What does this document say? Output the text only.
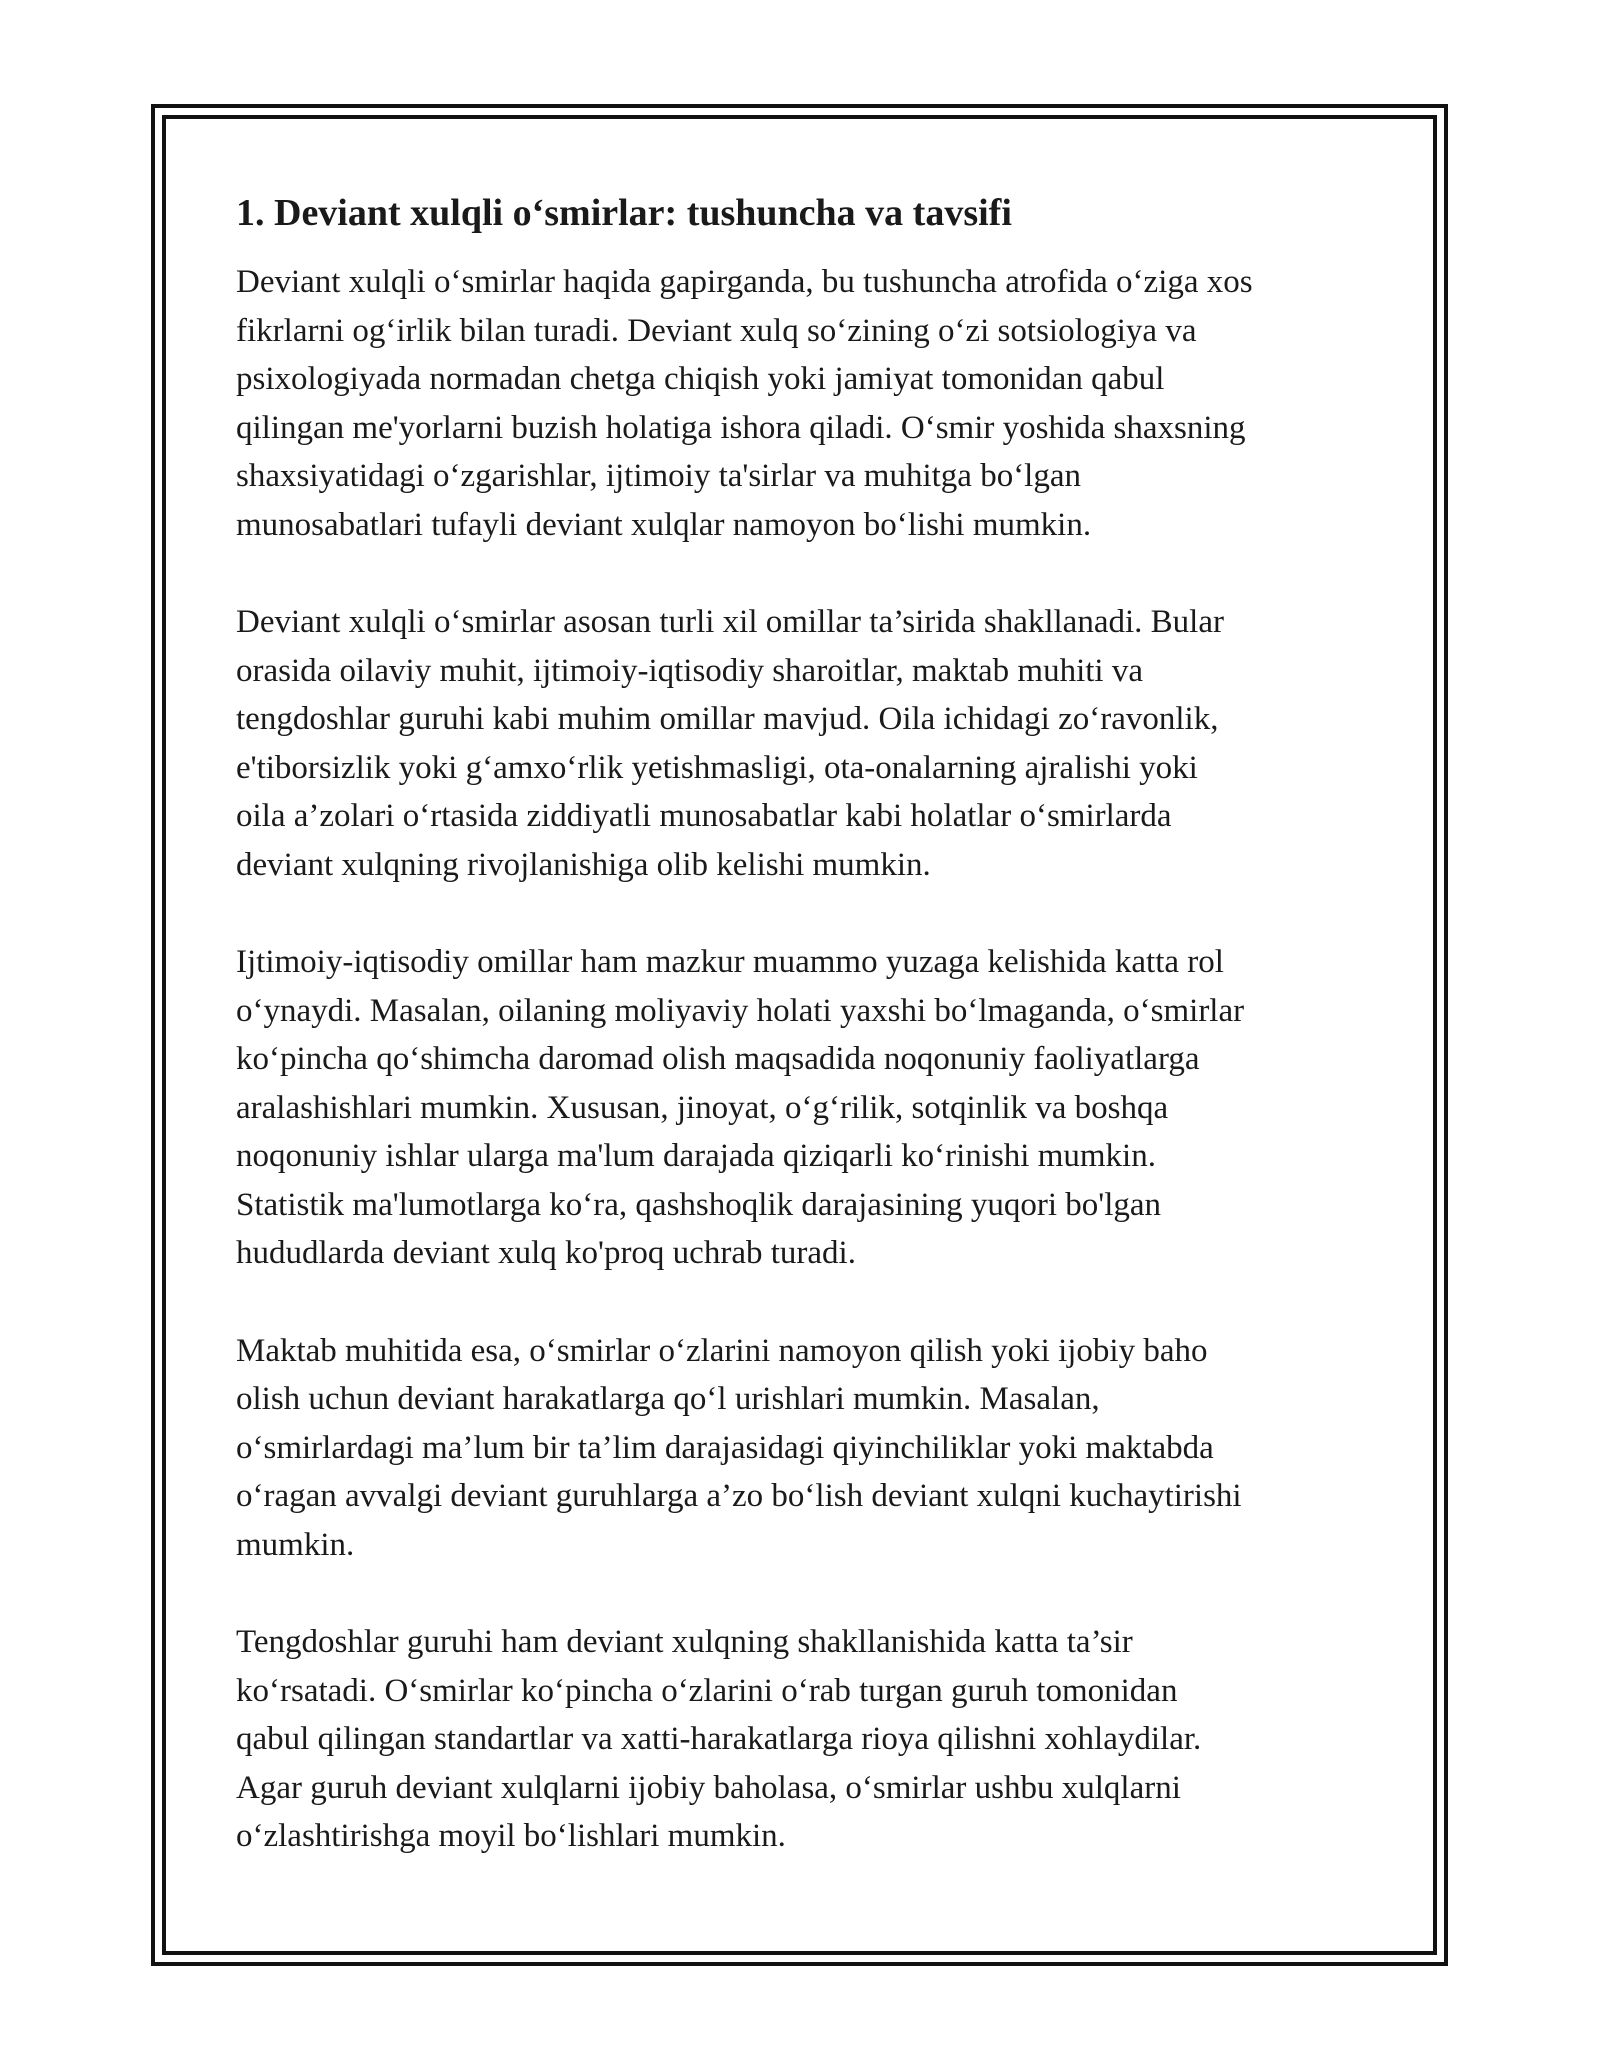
1. Deviant xulqli o‘smirlar: tushuncha va tavsifi

Deviant xulqli o‘smirlar haqida gapirganda, bu tushuncha atrofida o‘ziga xos
fikrlarni og‘irlik bilan turadi. Deviant xulq so‘zining o‘zi sotsiologiya va
psixologiyada normadan chetga chiqish yoki jamiyat tomonidan qabul
qilingan me'yorlarni buzish holatiga ishora qiladi. O‘smir yoshida shaxsning
shaxsiyatidagi o‘zgarishlar, ijtimoiy ta'sirlar va muhitga bo‘lgan
munosabatlari tufayli deviant xulqlar namoyon bo‘lishi mumkin.

Deviant xulqli o‘smirlar asosan turli xil omillar ta’sirida shakllanadi. Bular
orasida oilaviy muhit, ijtimoiy-iqtisodiy sharoitlar, maktab muhiti va
tengdoshlar guruhi kabi muhim omillar mavjud. Oila ichidagi zo‘ravonlik,
e'tiborsizlik yoki g‘amxo‘rlik yetishmasligi, ota-onalarning ajralishi yoki
oila a’zolari o‘rtasida ziddiyatli munosabatlar kabi holatlar o‘smirlarda
deviant xulqning rivojlanishiga olib kelishi mumkin.

Ijtimoiy-iqtisodiy omillar ham mazkur muammo yuzaga kelishida katta rol
o‘ynaydi. Masalan, oilaning moliyaviy holati yaxshi bo‘lmaganda, o‘smirlar
ko‘pincha qo‘shimcha daromad olish maqsadida noqonuniy faoliyatlarga
aralashishlari mumkin. Xususan, jinoyat, o‘g‘rilik, sotqinlik va boshqa
noqonuniy ishlar ularga ma'lum darajada qiziqarli ko‘rinishi mumkin.
Statistik ma'lumotlarga ko‘ra, qashshoqlik darajasining yuqori bo'lgan
hududlarda deviant xulq ko'proq uchrab turadi.

Maktab muhitida esa, o‘smirlar o‘zlarini namoyon qilish yoki ijobiy baho
olish uchun deviant harakatlarga qo‘l urishlari mumkin. Masalan,
o‘smirlardagi ma’lum bir ta’lim darajasidagi qiyinchiliklar yoki maktabda
o‘ragan avvalgi deviant guruhlarga a’zo bo‘lish deviant xulqni kuchaytirishi
mumkin.

Tengdoshlar guruhi ham deviant xulqning shakllanishida katta ta’sir
ko‘rsatadi. O‘smirlar ko‘pincha o‘zlarini o‘rab turgan guruh tomonidan
qabul qilingan standartlar va xatti-harakatlarga rioya qilishni xohlaydilar.
Agar guruh deviant xulqlarni ijobiy baholasa, o‘smirlar ushbu xulqlarni
o‘zlashtirishga moyil bo‘lishlari mumkin.
